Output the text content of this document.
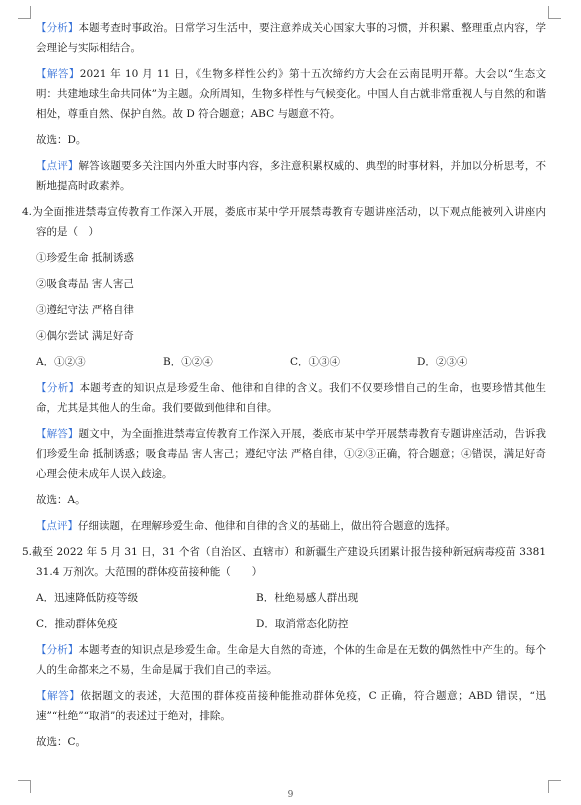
【分析】本题考查时事政治。日常学习生活中，要注意养成关心国家大事的习惯，并积累、整理重点内容，学会理论与实际相结合。

【解答】2021 年 10 月 11 日，《生物多样性公约》第十五次缔约方大会在云南昆明开幕。大会以“生态文明：共建地球生命共同体”为主题。众所周知，生物多样性与气候变化。中国人自古就非常重视人与自然的和谐相处，尊重自然、保护自然。故 D 符合题意；ABC 与题意不符。

故选：D。

【点评】解答该题要多关注国内外重大时事内容，多注意积累权威的、典型的时事材料，并加以分析思考，不断地提高时政素养。

4.为全面推进禁毒宣传教育工作深入开展，娄底市某中学开展禁毒教育专题讲座活动，以下观点能被列入讲座内容的是（　）

①珍爱生命 抵制诱惑

②吸食毒品 害人害己

③遵纪守法 严格自律

④偶尔尝试 满足好奇

A．①②③	B．①②④	C．①③④	D．②③④

【分析】本题考查的知识点是珍爱生命、他律和自律的含义。我们不仅要珍惜自己的生命，也要珍惜其他生命，尤其是其他人的生命。我们要做到他律和自律。

【解答】题文中，为全面推进禁毒宣传教育工作深入开展，娄底市某中学开展禁毒教育专题讲座活动，告诉我们珍爱生命 抵制诱惑；吸食毒品 害人害己；遵纪守法 严格自律，①②③正确，符合题意；④错误，满足好奇心理会使未成年人误入歧途。

故选：A。

【点评】仔细读题，在理解珍爱生命、他律和自律的含义的基础上，做出符合题意的选择。

5.截至 2022 年 5 月 31 日，31 个省（自治区、直辖市）和新疆生产建设兵团累计报告接种新冠病毒疫苗 338131.4 万剂次。大范围的群体疫苗接种能（　　）

A．迅速降低防疫等级	B．杜绝易感人群出现
C．推动群体免疫	D．取消常态化防控

【分析】本题考查的知识点是珍爱生命。生命是大自然的奇迹，个体的生命是在无数的偶然性中产生的。每个人的生命都来之不易，生命是属于我们自己的幸运。

【解答】依据题文的表述，大范围的群体疫苗接种能推动群体免疫，C 正确，符合题意；ABD 错误，“迅速”“杜绝”“取消”的表述过于绝对，排除。

故选：C。

9
